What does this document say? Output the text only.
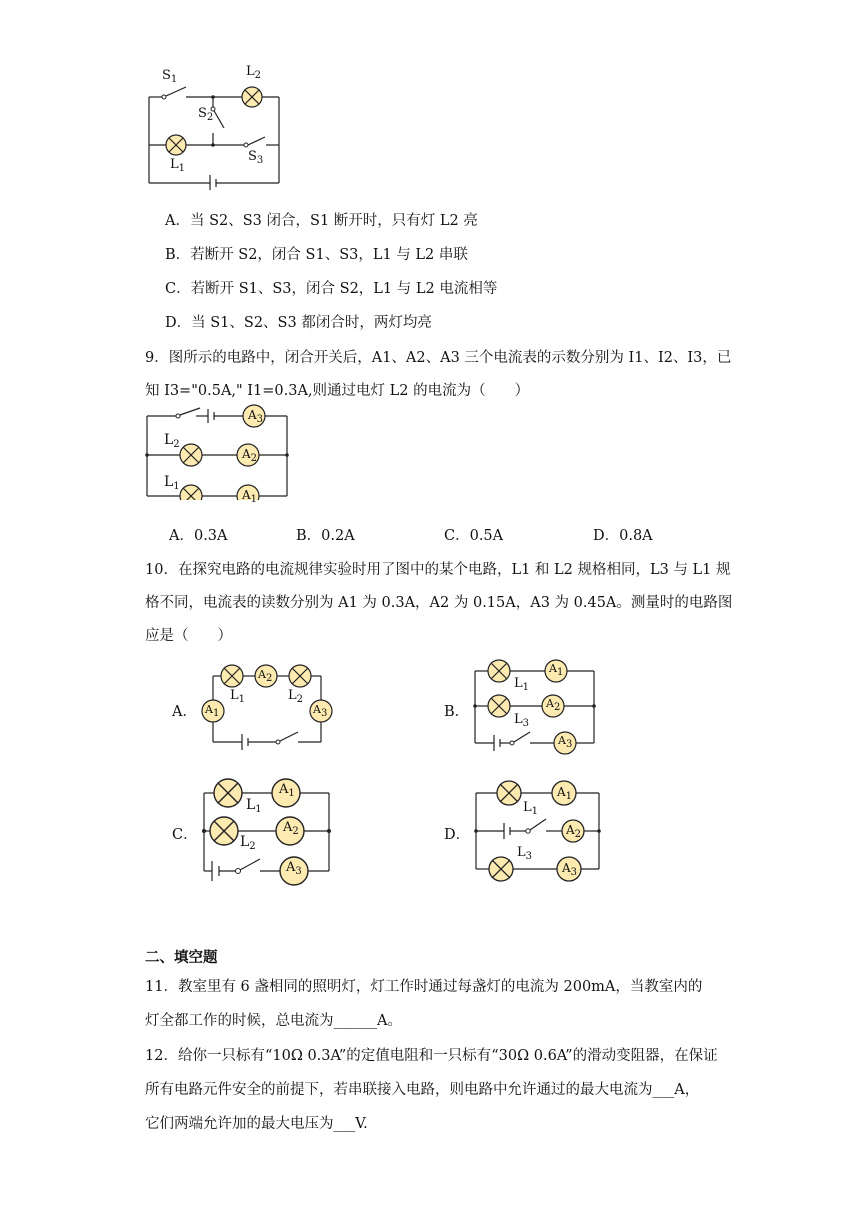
$S_1$
$L_2$
$S_2$
$L_1$
$S_3$
A．当 S2、S3 闭合，S1 断开时，只有灯 L2 亮
B．若断开 S2，闭合 S1、S3，L1 与 L2 串联
C．若断开 S1、S3，闭合 S2，L1 与 L2 电流相等
D．当 S1、S2、S3 都闭合时，两灯均亮
9．图所示的电路中，闭合开关后，A1、A2、A3 三个电流表的示数分别为 I1、I2、I3，已
知 I3="0.5A," I1=0.3A,则通过电灯 L2 的电流为（　　）
$A_3$
$L_2$
$A_2$
$L_1$
$A_1$
A．0.3A	B．0.2A	C．0.5A	D．0.8A
10．在探究电路的电流规律实验时用了图中的某个电路，L1 和 L2 规格相同，L3 与 L1 规
格不同，电流表的读数分别为 A1 为 0.3A，A2 为 0.15A，A3 为 0.45A。测量时的电路图
应是（　　）
A．
A2
$L_1$	$L_2$
A1	A3	B．
A1
$L_1$
A2
$L_3$
A3
C．
$A_1$
$L_1$
$A_2$
$L_2$
$A_3$
D．
$A_1$
$L_1$
$A_2$
$L_3$
$A_3$
二、填空题
11．教室里有 6 盏相同的照明灯，灯工作时通过每盏灯的电流为 200mA，当教室内的
灯全都工作的时候，总电流为______A。
12．给你一只标有“10Ω 0.3A”的定值电阻和一只标有“30Ω 0.6A”的滑动变阻器，在保证
所有电路元件安全的前提下，若串联接入电路，则电路中允许通过的最大电流为___A，
它们两端允许加的最大电压为___V.
